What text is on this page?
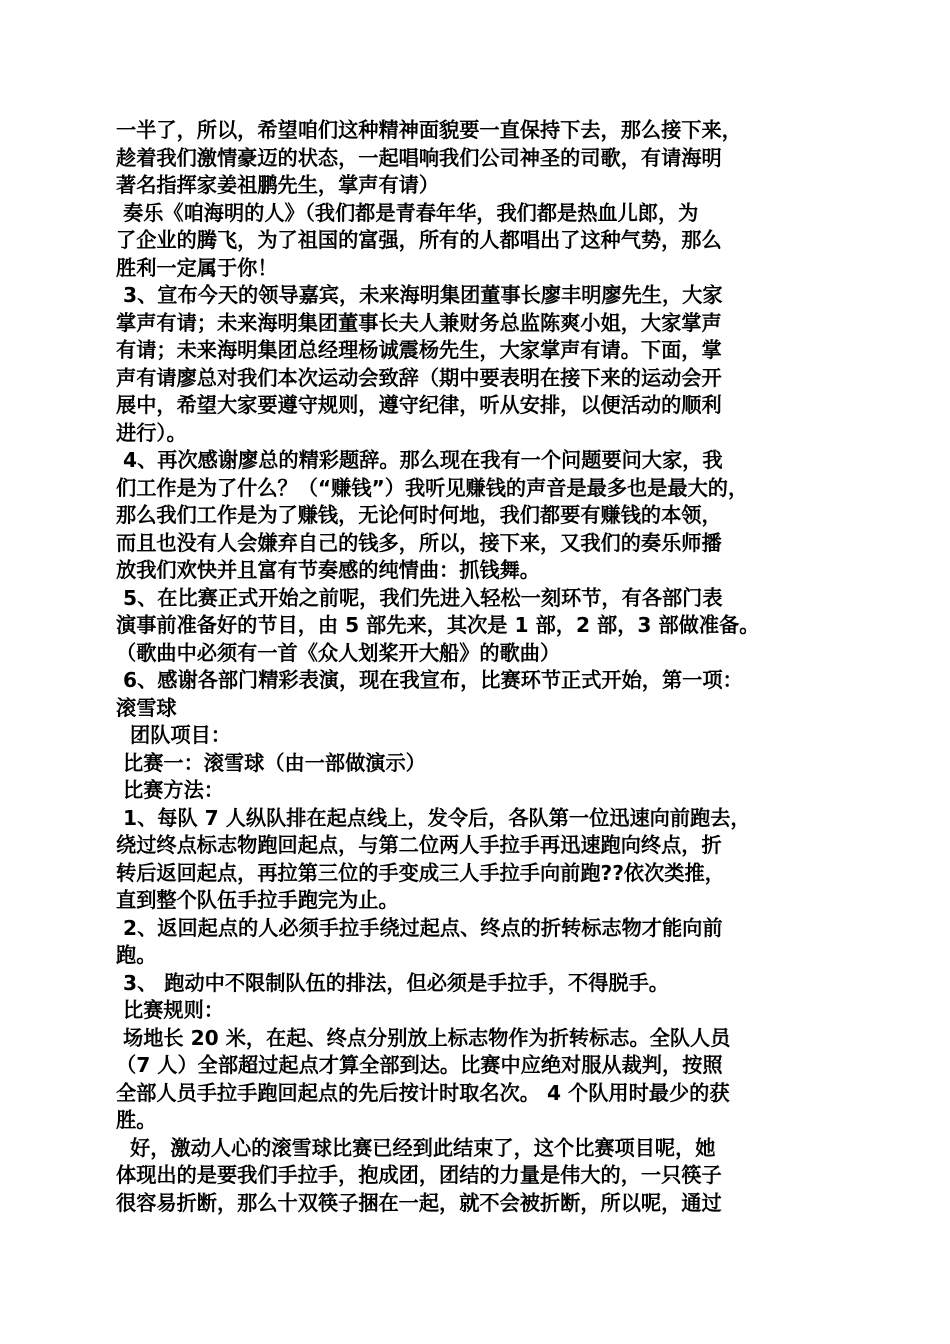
一半了，所以，希望咱们这种精神面貌要一直保持下去，那么接下来，
趁着我们激情豪迈的状态，一起唱响我们公司神圣的司歌，有请海明
著名指挥家姜祖鹏先生，掌声有请）
奏乐《咱海明的人》（我们都是青春年华，我们都是热血儿郎，为
了企业的腾飞，为了祖国的富强，所有的人都唱出了这种气势，那么
胜利一定属于你！
3、宣布今天的领导嘉宾，未来海明集团董事长廖丰明廖先生，大家
掌声有请；未来海明集团董事长夫人兼财务总监陈爽小姐，大家掌声
有请；未来海明集团总经理杨诚震杨先生，大家掌声有请。下面，掌
声有请廖总对我们本次运动会致辞（期中要表明在接下来的运动会开
展中，希望大家要遵守规则，遵守纪律，听从安排，以便活动的顺利
进行）。
4、再次感谢廖总的精彩题辞。那么现在我有一个问题要问大家，我
们工作是为了什么？（“赚钱”）我听见赚钱的声音是最多也是最大的，
那么我们工作是为了赚钱，无论何时何地，我们都要有赚钱的本领，
而且也没有人会嫌弃自己的钱多，所以，接下来，又我们的奏乐师播
放我们欢快并且富有节奏感的纯情曲：抓钱舞。
5、在比赛正式开始之前呢，我们先进入轻松一刻环节，有各部门表
演事前准备好的节目，由 5 部先来，其次是 1 部，2 部，3 部做准备。
（歌曲中必须有一首《众人划桨开大船》的歌曲）
6、感谢各部门精彩表演，现在我宣布，比赛环节正式开始，第一项：
滚雪球
团队项目：
比赛一：滚雪球（由一部做演示）
比赛方法：
1、每队 7 人纵队排在起点线上，发令后，各队第一位迅速向前跑去，
绕过终点标志物跑回起点，与第二位两人手拉手再迅速跑向终点，折
转后返回起点，再拉第三位的手变成三人手拉手向前跑??依次类推，
直到整个队伍手拉手跑完为止。
2、返回起点的人必须手拉手绕过起点、终点的折转标志物才能向前
跑。
3、 跑动中不限制队伍的排法，但必须是手拉手，不得脱手。
比赛规则：
场地长 20 米，在起、终点分别放上标志物作为折转标志。全队人员
（7 人）全部超过起点才算全部到达。比赛中应绝对服从裁判，按照
全部人员手拉手跑回起点的先后按计时取名次。 4 个队用时最少的获
胜。
好，激动人心的滚雪球比赛已经到此结束了，这个比赛项目呢，她
体现出的是要我们手拉手，抱成团，团结的力量是伟大的，一只筷子
很容易折断，那么十双筷子捆在一起，就不会被折断，所以呢，通过
